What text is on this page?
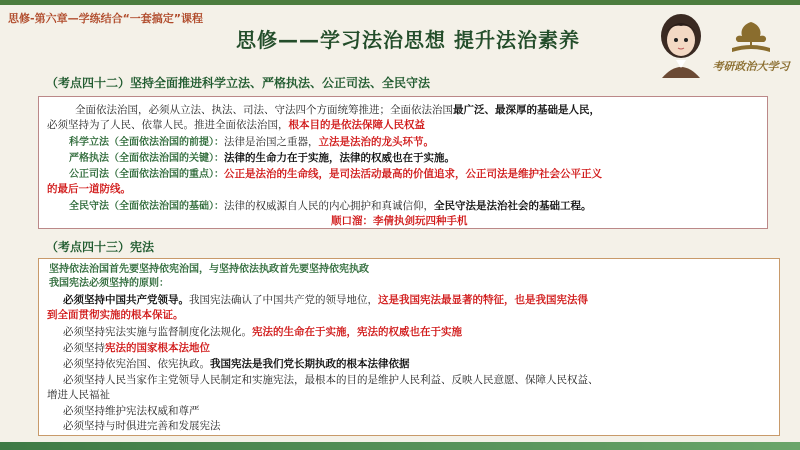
思修-第六章—学练结合“一套搞定”课程
思修——学习法治思想 提升法治素养
考研政治大学习
（考点四十二）坚持全面推进科学立法、严格执法、公正司法、全民守法
全面依法治国，必须从立法、执法、司法、守法四个方面统筹推进；全面依法治国最广泛、最深厚的基础是人民，
必须坚持为了人民、依靠人民。推进全面依法治国，根本目的是依法保障人民权益
科学立法（全面依法治国的前提）：法律是治国之重器，立法是法治的龙头环节。
严格执法（全面依法治国的关键）：法律的生命力在于实施，法律的权威也在于实施。
公正司法（全面依法治国的重点）：公正是法治的生命线，是司法活动最高的价值追求，公正司法是维护社会公平正义
的最后一道防线。
全民守法（全面依法治国的基础）：法律的权威源自人民的内心拥护和真诚信仰，全民守法是法治社会的基础工程。
顺口溜：李倩执剑玩四种手机
（考点四十三）宪法
坚持依法治国首先要坚持依宪治国，与坚持依法执政首先要坚持依宪执政
我国宪法必须坚持的原则：
必须坚持中国共产党领导。我国宪法确认了中国共产党的领导地位，这是我国宪法最显著的特征，也是我国宪法得
到全面贯彻实施的根本保证。
必须坚持宪法实施与监督制度化法规化。宪法的生命在于实施，宪法的权威也在于实施
必须坚持宪法的国家根本法地位
必须坚持依宪治国、依宪执政。我国宪法是我们党长期执政的根本法律依据
必须坚持人民当家作主党领导人民制定和实施宪法，最根本的目的是维护人民利益、反映人民意愿、保障人民权益、
增进人民福祉
必须坚持维护宪法权威和尊严
必须坚持与时俱进完善和发展宪法
